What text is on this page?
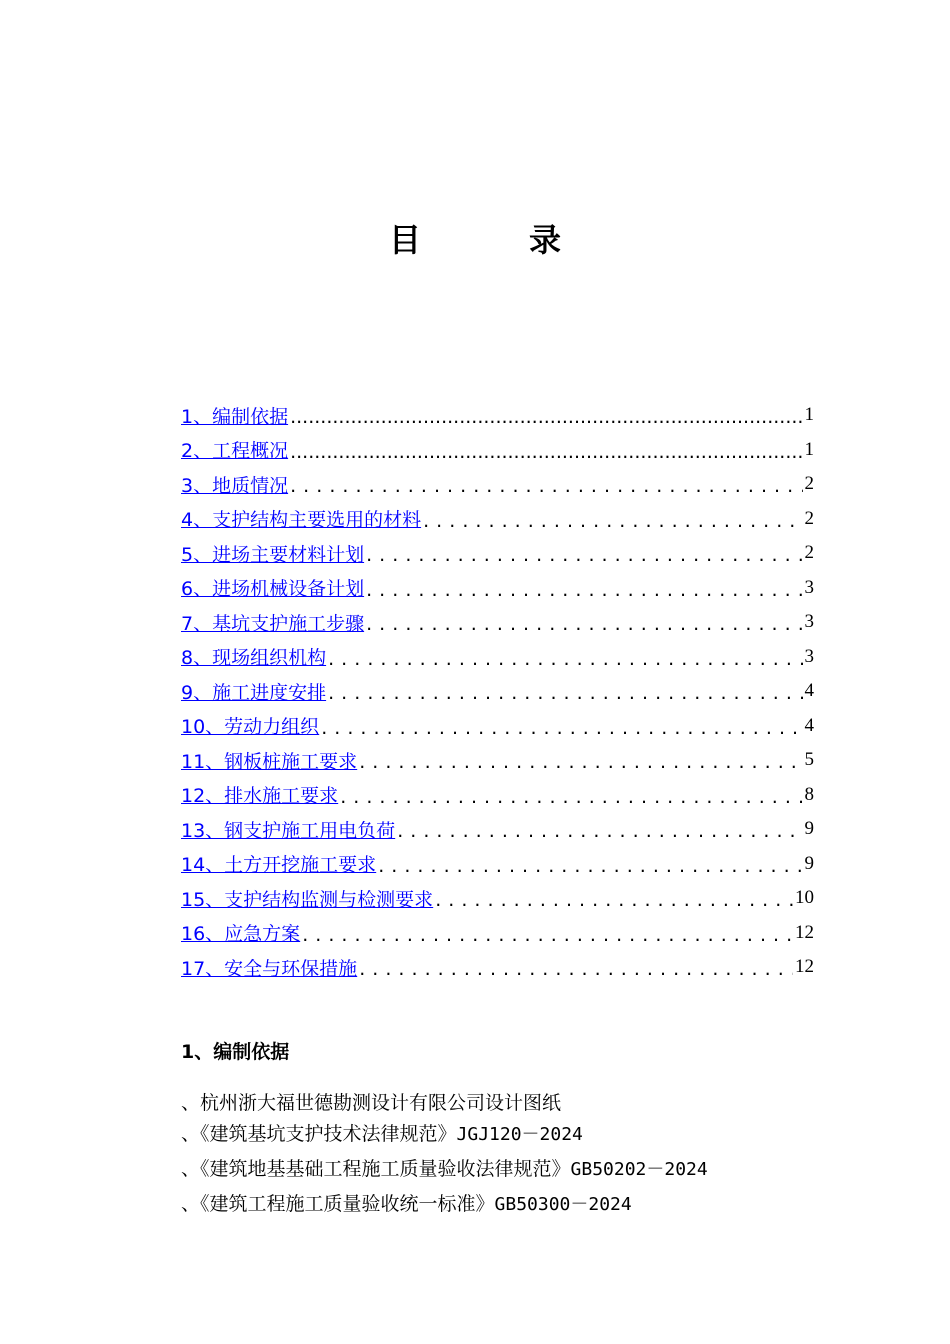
目　录
1、编制依据 .....	1
2、工程概况 .....	1
3、地质情况 . . .	2
4、支护结构主要选用的材料 . . .	2
5、进场主要材料计划 . . .	2
6、进场机械设备计划 . . .	3
7、基坑支护施工步骤 . . .	3
8、现场组织机构 . . .	3
9、施工进度安排 . . .	4
10、劳动力组织 . . .	4
11、钢板桩施工要求 . . .	5
12、排水施工要求 . . .	8
13、钢支护施工用电负荷 . . .	9
14、土方开挖施工要求 . . .	9
15、支护结构监测与检测要求 . . .	10
16、应急方案 . . .	12
17、安全与环保措施 . . .	12
1、编制依据
、杭州浙大福世德勘测设计有限公司设计图纸
、《建筑基坑支护技术法律规范》JGJ120－2024
、《建筑地基基础工程施工质量验收法律规范》GB50202－2024
、《建筑工程施工质量验收统一标准》GB50300－2024
